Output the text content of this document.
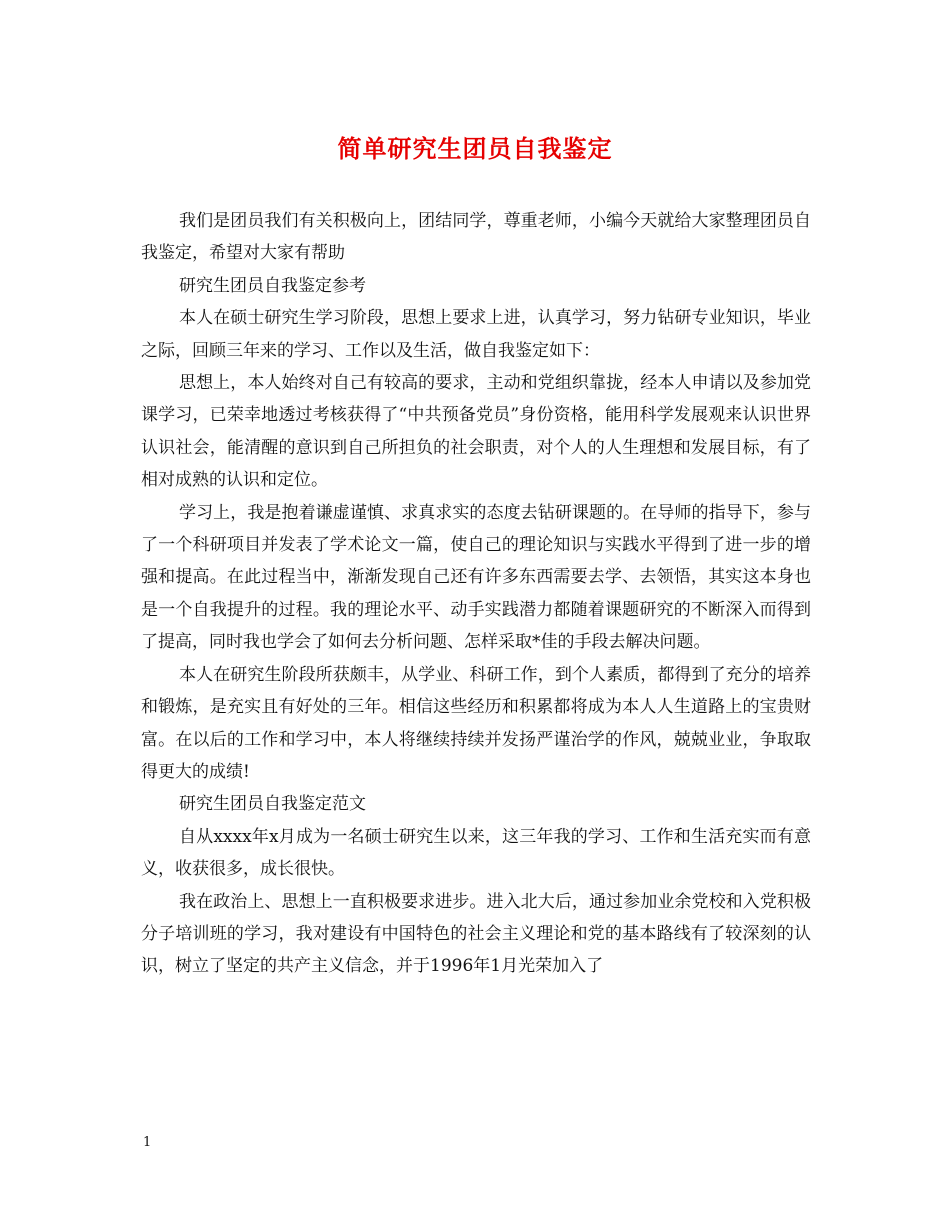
简单研究生团员自我鉴定

我们是团员我们有关积极向上，团结同学，尊重老师，小编今天就给大家整理团员自我鉴定，希望对大家有帮助

研究生团员自我鉴定参考

本人在硕士研究生学习阶段，思想上要求上进，认真学习，努力钻研专业知识，毕业之际，回顾三年来的学习、工作以及生活，做自我鉴定如下：

思想上，本人始终对自己有较高的要求，主动和党组织靠拢，经本人申请以及参加党课学习，已荣幸地透过考核获得了“中共预备党员”身份资格，能用科学发展观来认识世界认识社会，能清醒的意识到自己所担负的社会职责，对个人的人生理想和发展目标，有了相对成熟的认识和定位。

学习上，我是抱着谦虚谨慎、求真求实的态度去钻研课题的。在导师的指导下，参与了一个科研项目并发表了学术论文一篇，使自己的理论知识与实践水平得到了进一步的增强和提高。在此过程当中，渐渐发现自己还有许多东西需要去学、去领悟，其实这本身也是一个自我提升的过程。我的理论水平、动手实践潜力都随着课题研究的不断深入而得到了提高，同时我也学会了如何去分析问题、怎样采取*佳的手段去解决问题。

本人在研究生阶段所获颇丰，从学业、科研工作，到个人素质，都得到了充分的培养和锻炼，是充实且有好处的三年。相信这些经历和积累都将成为本人人生道路上的宝贵财富。在以后的工作和学习中，本人将继续持续并发扬严谨治学的作风，兢兢业业，争取取得更大的成绩!

研究生团员自我鉴定范文

自从xxxx年x月成为一名硕士研究生以来，这三年我的学习、工作和生活充实而有意义，收获很多，成长很快。

我在政治上、思想上一直积极要求进步。进入北大后，通过参加业余党校和入党积极分子培训班的学习，我对建设有中国特色的社会主义理论和党的基本路线有了较深刻的认识，树立了坚定的共产主义信念，并于1996年1月光荣加入了

1
